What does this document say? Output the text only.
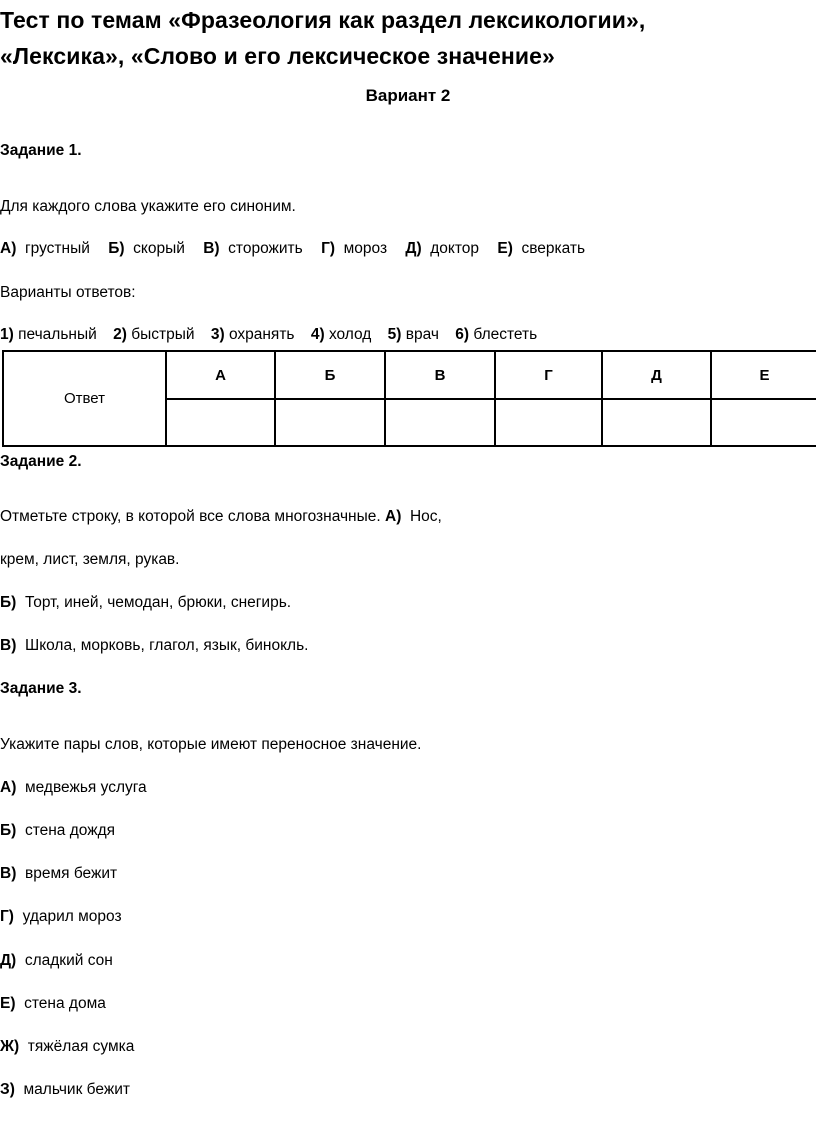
Тест по темам «Фразеология как раздел лексикологии»,
«Лексика», «Слово и его лексическое значение»
Вариант 2
Задание 1.
Для каждого слова укажите его синоним.
А) грустный Б) скорый В) сторожить Г) мороз Д) доктор Е) сверкать
Варианты ответов:
1) печальный 2) быстрый 3) охранять 4) холод 5) врач 6) блестеть
Ответ	А	Б	В	Г	Д	Е

Задание 2.
Отметьте строку, в которой все слова многозначные. А) Нос,
крем, лист, земля, рукав.
Б) Торт, иней, чемодан, брюки, снегирь.
В) Школа, морковь, глагол, язык, бинокль.
Задание 3.
Укажите пары слов, которые имеют переносное значение.
А) медвежья услуга
Б) стена дождя
В) время бежит
Г) ударил мороз
Д) сладкий сон
Е) стена дома
Ж) тяжёлая сумка
З) мальчик бежит
